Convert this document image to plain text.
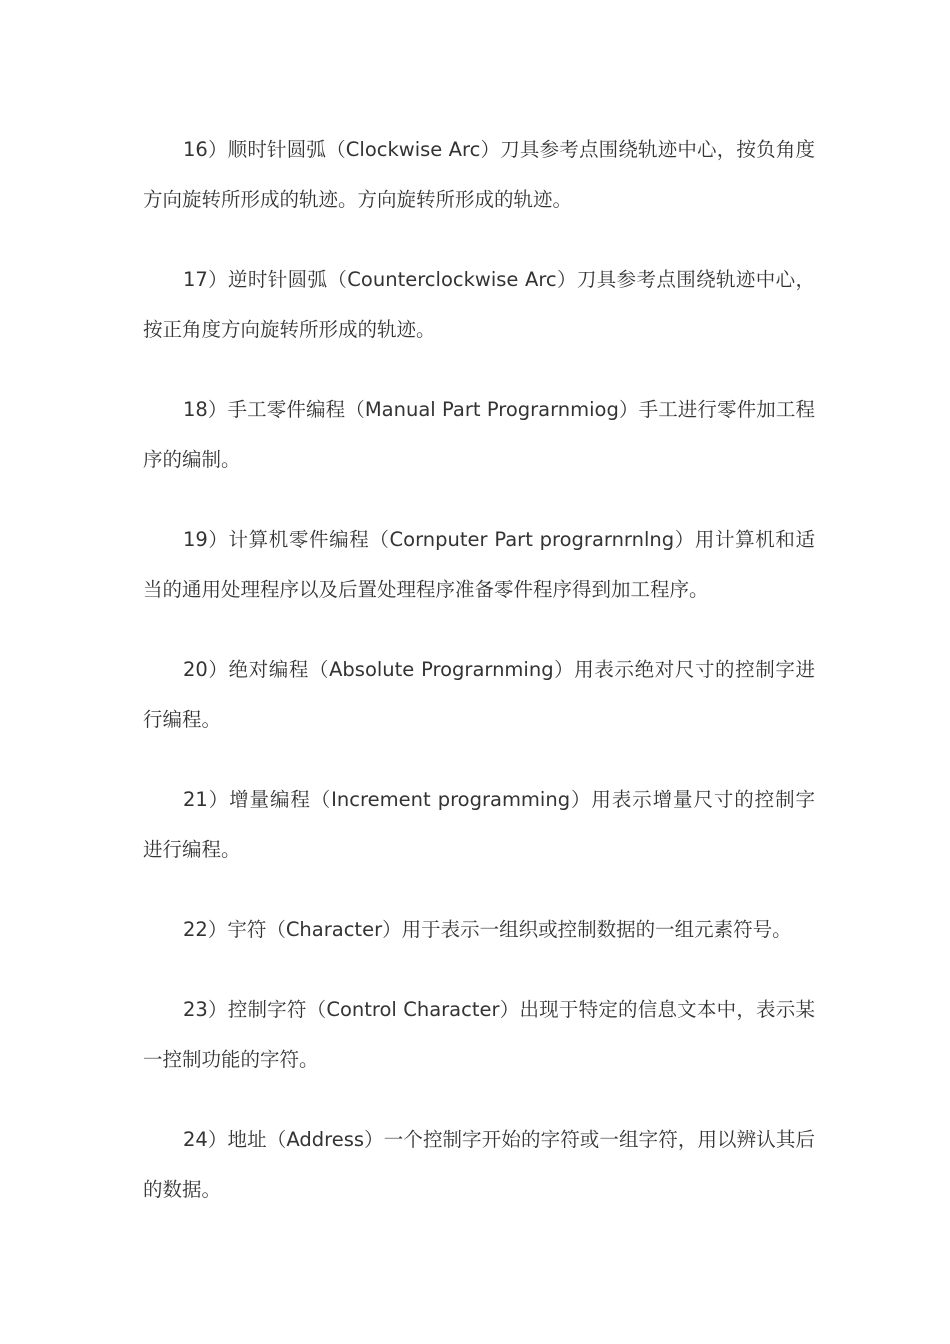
16）顺时针圆弧（Clockwise Arc）刀具参考点围绕轨迹中心，按负角度方向旋转所形成的轨迹。方向旋转所形成的轨迹。

17）逆时针圆弧（Counterclockwise Arc）刀具参考点围绕轨迹中心，按正角度方向旋转所形成的轨迹。

18）手工零件编程（Manual Part Prograrnmiog）手工进行零件加工程序的编制。

19）计算机零件编程（Cornputer Part prograrnrnlng）用计算机和适当的通用处理程序以及后置处理程序准备零件程序得到加工程序。

20）绝对编程（Absolute Prograrnming）用表示绝对尺寸的控制字进行编程。

21）增量编程（Increment programming）用表示增量尺寸的控制字进行编程。

22）宇符（Character）用于表示一组织或控制数据的一组元素符号。

23）控制字符（Control Character）出现于特定的信息文本中，表示某一控制功能的字符。

24）地址（Address）一个控制字开始的字符或一组字符，用以辨认其后的数据。
